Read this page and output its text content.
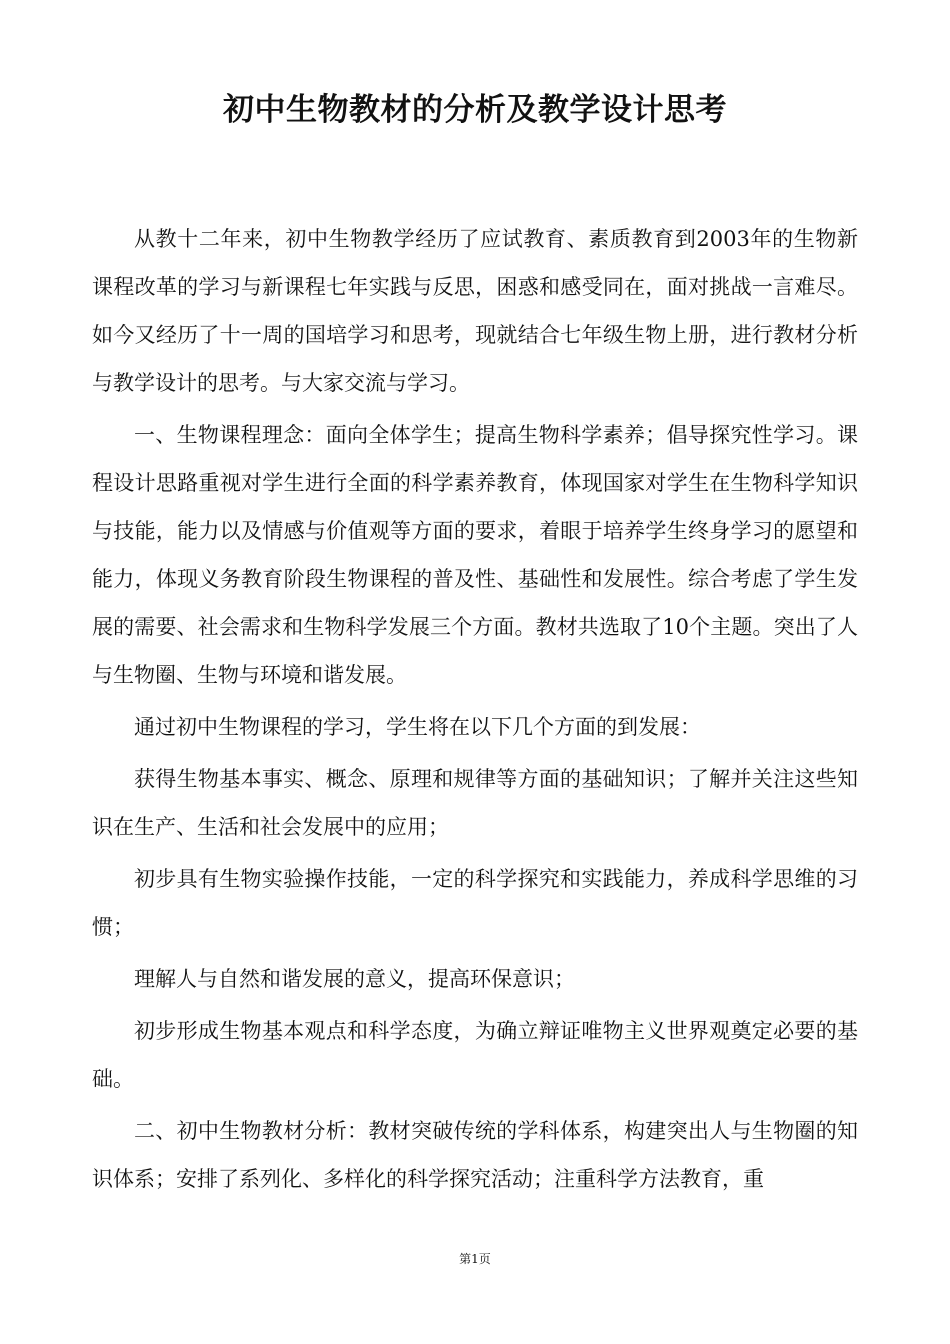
初中生物教材的分析及教学设计思考

从教十二年来，初中生物教学经历了应试教育、素质教育到2003年的生物新课程改革的学习与新课程七年实践与反思，困惑和感受同在，面对挑战一言难尽。如今又经历了十一周的国培学习和思考，现就结合七年级生物上册，进行教材分析与教学设计的思考。与大家交流与学习。

一、生物课程理念：面向全体学生；提高生物科学素养；倡导探究性学习。课程设计思路重视对学生进行全面的科学素养教育，体现国家对学生在生物科学知识与技能，能力以及情感与价值观等方面的要求，着眼于培养学生终身学习的愿望和能力，体现义务教育阶段生物课程的普及性、基础性和发展性。综合考虑了学生发展的需要、社会需求和生物科学发展三个方面。教材共选取了10个主题。突出了人与生物圈、生物与环境和谐发展。

通过初中生物课程的学习，学生将在以下几个方面的到发展：

获得生物基本事实、概念、原理和规律等方面的基础知识；了解并关注这些知识在生产、生活和社会发展中的应用；

初步具有生物实验操作技能，一定的科学探究和实践能力，养成科学思维的习惯；

理解人与自然和谐发展的意义，提高环保意识；

初步形成生物基本观点和科学态度，为确立辩证唯物主义世界观奠定必要的基础。

二、初中生物教材分析：教材突破传统的学科体系，构建突出人与生物圈的知识体系；安排了系列化、多样化的科学探究活动；注重科学方法教育，重

第1页
